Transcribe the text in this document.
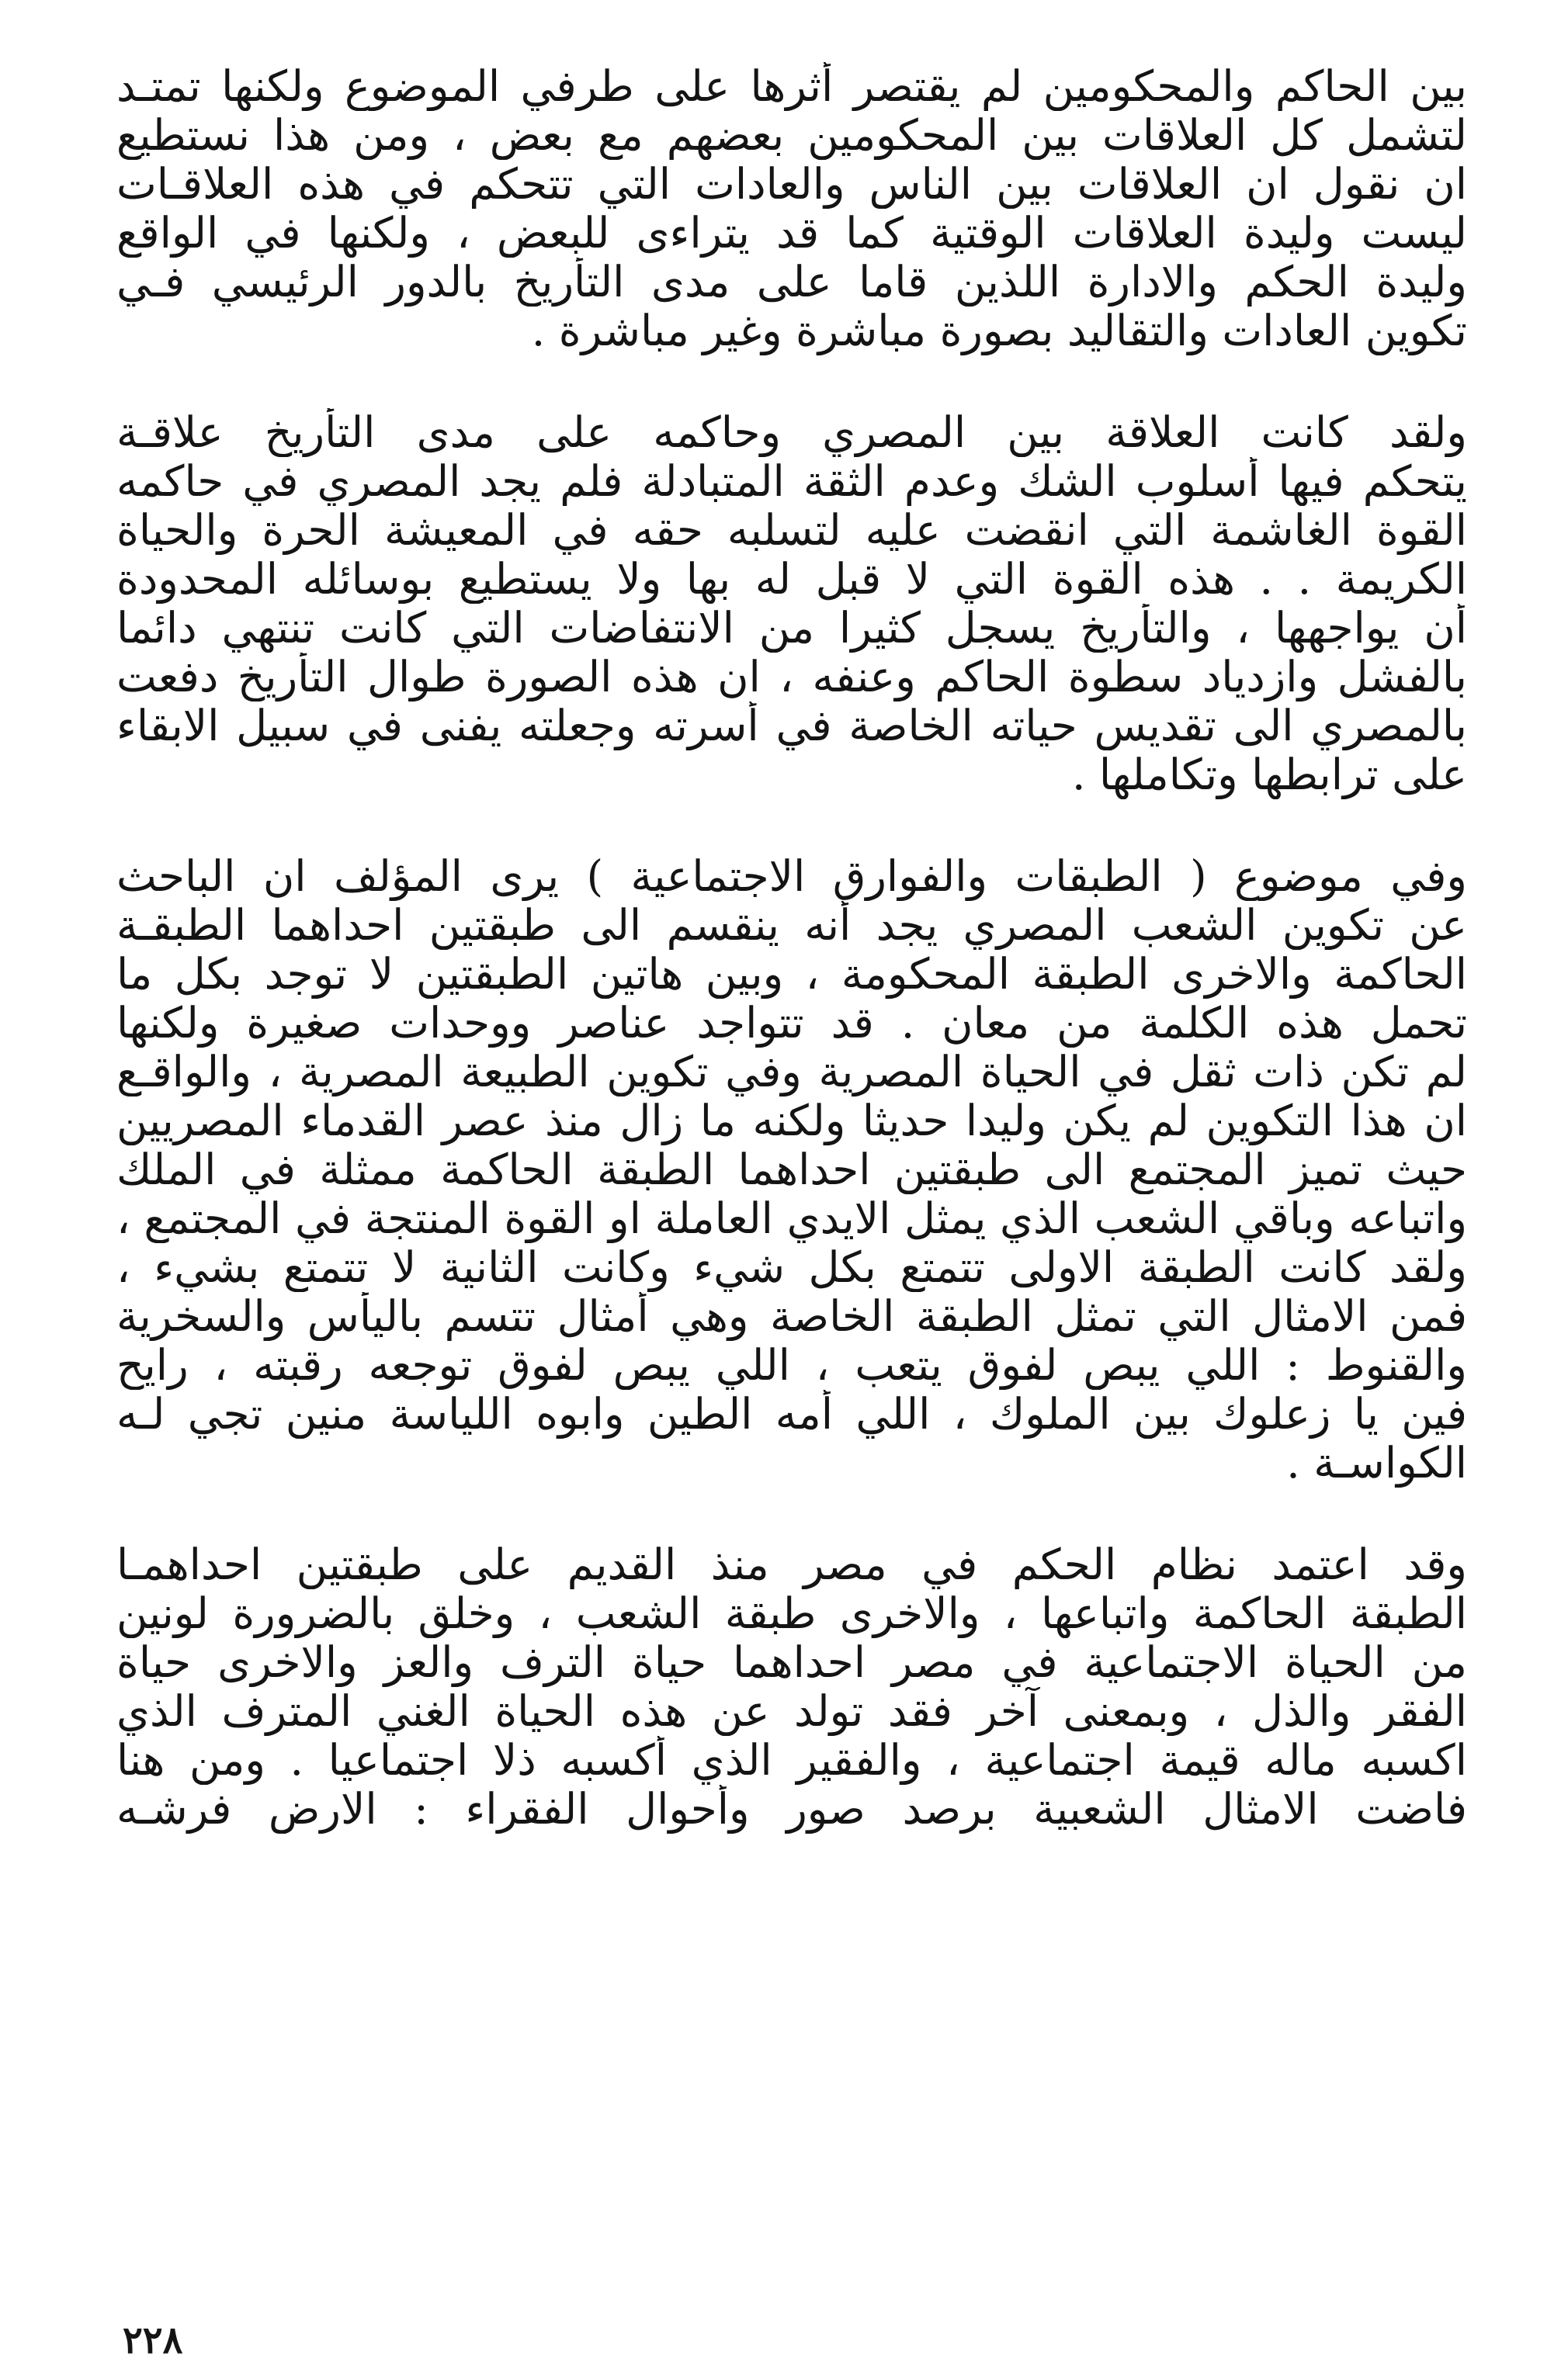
بين الحاكم والمحكومين لم يقتصر أثرها على طرفي الموضوع ولكنها تمتـد
لتشمل كل العلاقات بين المحكومين بعضهم مع بعض ، ومن هذا نستطيع
ان نقول ان العلاقات بين الناس والعادات التي تتحكم في هذه العلاقـات
ليست وليدة العلاقات الوقتية كما قد يتراءى للبعض ، ولكنها في الواقع
وليدة الحكم والادارة اللذين قاما على مدى التأريخ بالدور الرئيسي فـي
تكوين العادات والتقاليد بصورة مباشرة وغير مباشرة .
ولقد كانت العلاقة بين المصري وحاكمه على مدى التأريخ علاقـة
يتحكم فيها أسلوب الشك وعدم الثقة المتبادلة فلم يجد المصري في حاكمه
القوة الغاشمة التي انقضت عليه لتسلبه حقه في المعيشة الحرة والحياة
الكريمة . . هذه القوة التي لا قبل له بها ولا يستطيع بوسائله المحدودة
أن يواجهها ، والتأريخ يسجل كثيرا من الانتفاضات التي كانت تنتهي دائما
بالفشل وازدياد سطوة الحاكم وعنفه ، ان هذه الصورة طوال التأريخ دفعت
بالمصري الى تقديس حياته الخاصة في أسرته وجعلته يفنى في سبيل الابقاء
على ترابطها وتكاملها .
وفي موضوع ( الطبقات والفوارق الاجتماعية ) يرى المؤلف ان الباحث
عن تكوين الشعب المصري يجد أنه ينقسم الى طبقتين احداهما الطبقـة
الحاكمة والاخرى الطبقة المحكومة ، وبين هاتين الطبقتين لا توجد بكل ما
تحمل هذه الكلمة من معان . قد تتواجد عناصر ووحدات صغيرة ولكنها
لم تكن ذات ثقل في الحياة المصرية وفي تكوين الطبيعة المصرية ، والواقـع
ان هذا التكوين لم يكن وليدا حديثا ولكنه ما زال منذ عصر القدماء المصريين
حيث تميز المجتمع الى طبقتين احداهما الطبقة الحاكمة ممثلة في الملك
واتباعه وباقي الشعب الذي يمثل الايدي العاملة او القوة المنتجة في المجتمع ،
ولقد كانت الطبقة الاولى تتمتع بكل شيء وكانت الثانية لا تتمتع بشيء ،
فمن الامثال التي تمثل الطبقة الخاصة وهي أمثال تتسم باليأس والسخرية
والقنوط : اللي يبص لفوق يتعب ، اللي يبص لفوق توجعه رقبته ، رايح
فين يا زعلوك بين الملوك ، اللي أمه الطين وابوه اللياسة منين تجي لـه
الكواسـة .
وقد اعتمد نظام الحكم في مصر منذ القديم على طبقتين احداهمـا
الطبقة الحاكمة واتباعها ، والاخرى طبقة الشعب ، وخلق بالضرورة لونين
من الحياة الاجتماعية في مصر احداهما حياة الترف والعز والاخرى حياة
الفقر والذل ، وبمعنى آخر فقد تولد عن هذه الحياة الغني المترف الذي
اكسبه ماله قيمة اجتماعية ، والفقير الذي أكسبه ذلا اجتماعيا . ومن هنا
فاضت الامثال الشعبية برصد صور وأحوال الفقراء : الارض فرشـه
٢٢٨
